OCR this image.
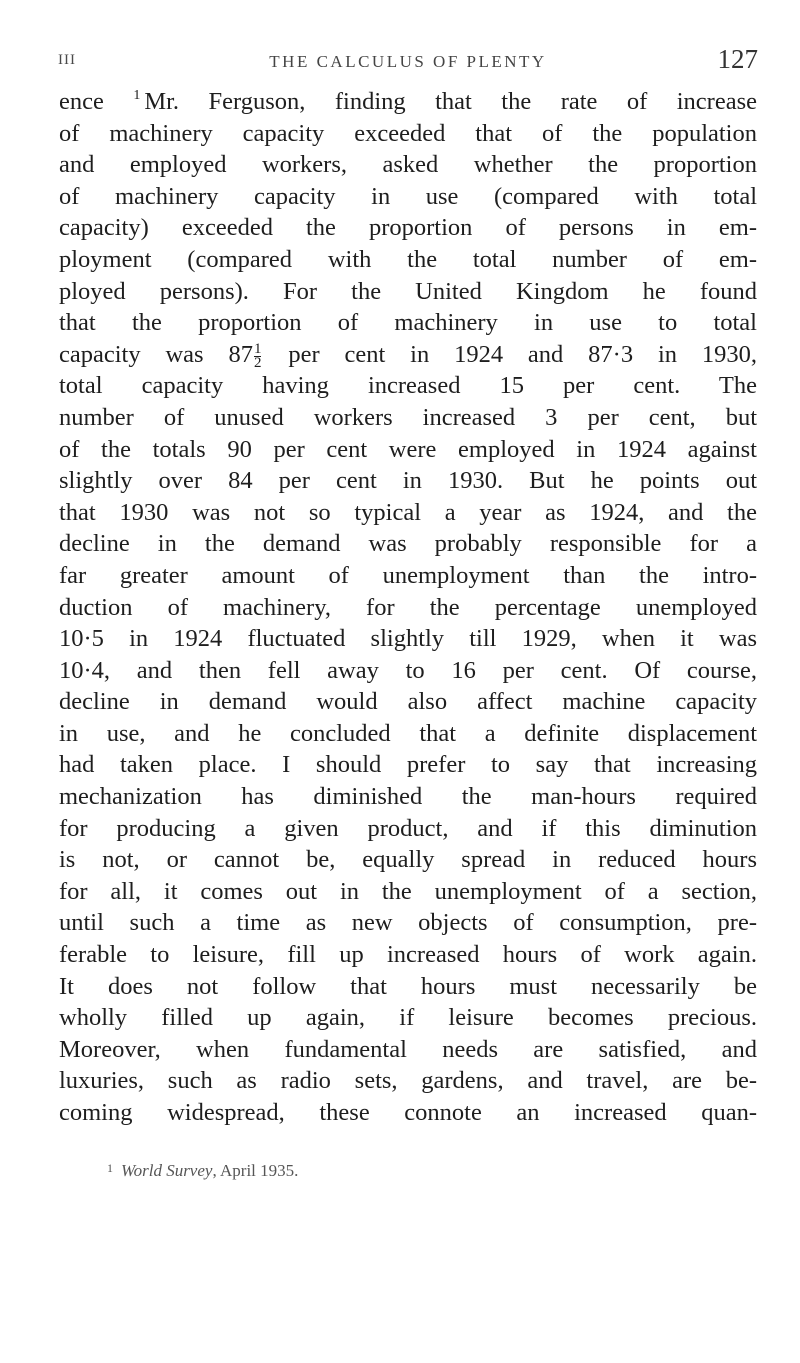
III	THE CALCULUS OF PLENTY	127
ence $^1$ Mr. Ferguson, finding that the rate of increase
of machinery capacity exceeded that of the population
and employed workers, asked whether the proportion
of machinery capacity in use (compared with total
capacity) exceeded the proportion of persons in em-
ployment (compared with the total number of em-
ployed persons). For the United Kingdom he found
that the proportion of machinery in use to total
capacity was $87 \frac{1}{2}$ per cent in 1924 and 87·3 in 1930,
total capacity having increased 15 per cent. The
number of unused workers increased 3 per cent, but
of the totals 90 per cent were employed in 1924 against
slightly over 84 per cent in 1930. But he points out
that 1930 was not so typical a year as 1924, and the
decline in the demand was probably responsible for a
far greater amount of unemployment than the intro-
duction of machinery, for the percentage unemployed
10·5 in 1924 fluctuated slightly till 1929, when it was
10·4, and then fell away to 16 per cent. Of course,
decline in demand would also affect machine capacity
in use, and he concluded that a definite displacement
had taken place. I should prefer to say that increasing
mechanization has diminished the man-hours required
for producing a given product, and if this diminution
is not, or cannot be, equally spread in reduced hours
for all, it comes out in the unemployment of a section,
until such a time as new objects of consumption, pre-
ferable to leisure, fill up increased hours of work again.
It does not follow that hours must necessarily be
wholly filled up again, if leisure becomes precious.
Moreover, when fundamental needs are satisfied, and
luxuries, such as radio sets, gardens, and travel, are be-
coming widespread, these connote an increased quan-
$^1$ World Survey, April 1935.
